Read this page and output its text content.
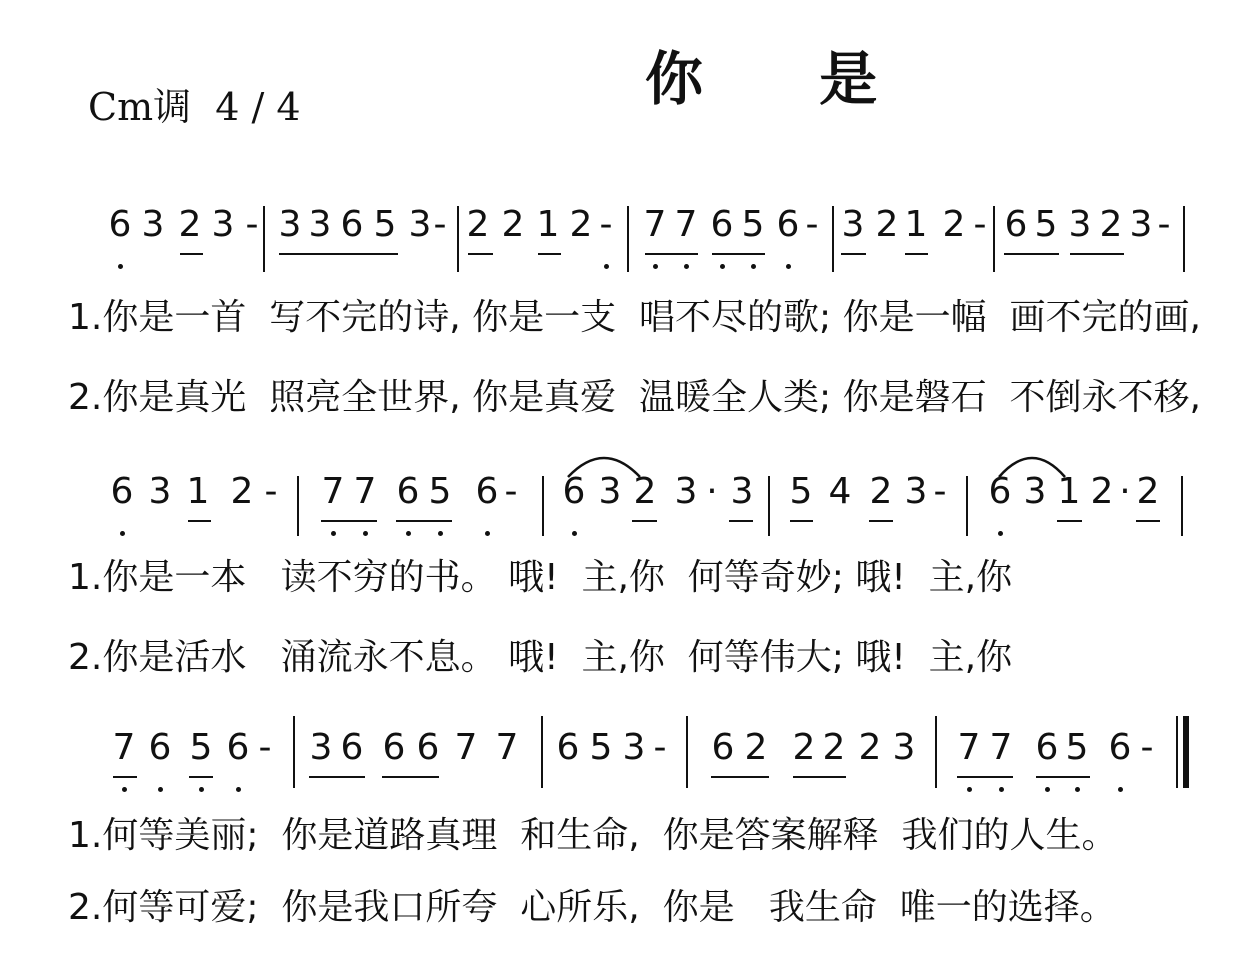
Cm调  4 / 4	你 是
6 3 2 3 - 3 3 6 5 3 - 2 2 1 2 - 7 7 6 5 6 - 3 2 1 2 - 6 5 3 2 3 -
1.你是一首  写不完的诗, 你是一支  唱不尽的歌; 你是一幅  画不完的画,
2.你是真光  照亮全世界, 你是真爱  温暖全人类; 你是磐石  不倒永不移,
6 3 1 2 - 7 7 6 5 6 - 6 3 2 3 · 3 5 4 2 3 - 6 3 1 2 · 2
1.你是一本   读不穷的书。 哦!  主,你  何等奇妙; 哦!  主,你
2.你是活水   涌流永不息。 哦!  主,你  何等伟大; 哦!  主,你
7 6 5 6 - 3 6 6 6 7 7 6 5 3 - 6 2 2 2 2 3 7 7 6 5 6 -
1.何等美丽;  你是道路真理  和生命,  你是答案解释  我们的人生。
2.何等可爱;  你是我口所夸  心所乐,  你是   我生命  唯一的选择。
